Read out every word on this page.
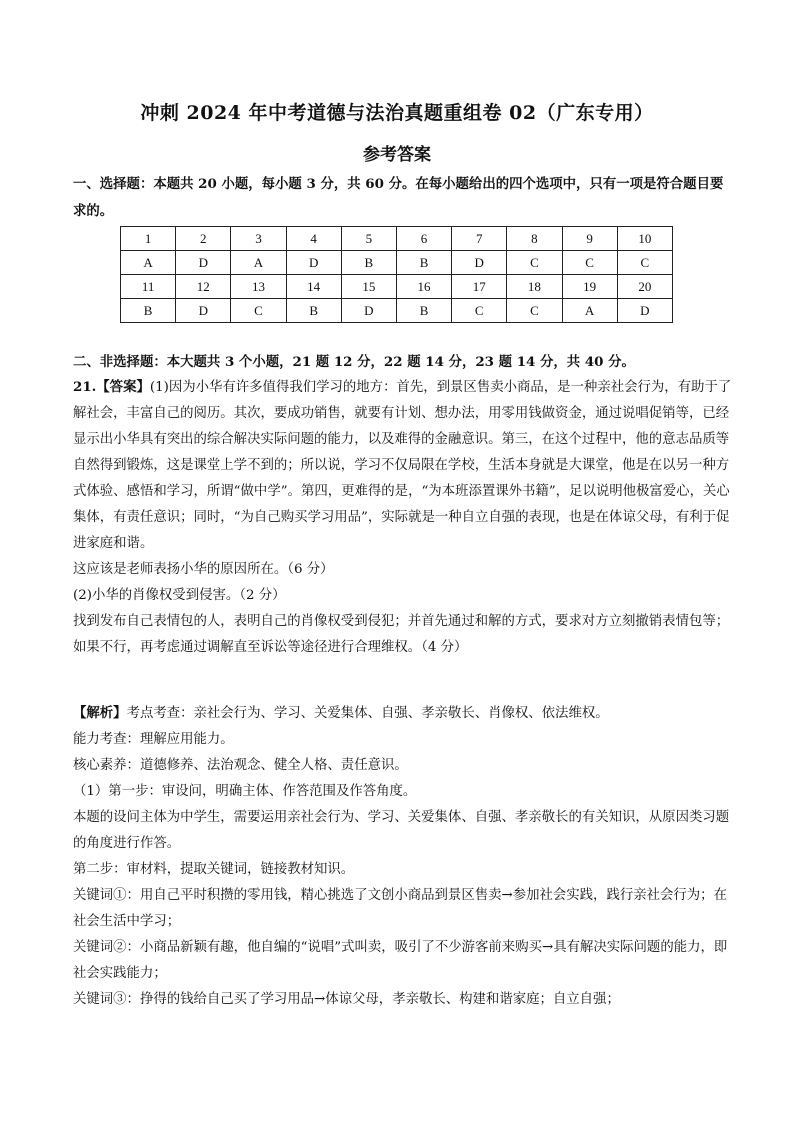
冲刺 2024 年中考道德与法治真题重组卷 02（广东专用）
参考答案
一、选择题：本题共 20 小题，每小题 3 分，共 60 分。在每小题给出的四个选项中，只有一项是符合题目要求的。
1	2	3	4	5	6	7	8	9	10
A	D	A	D	B	B	D	C	C	C
11	12	13	14	15	16	17	18	19	20
B	D	C	B	D	B	C	C	A	D
二、非选择题：本大题共 3 个小题，21 题 12 分，22 题 14 分，23 题 14 分，共 40 分。

21.【答案】(1)因为小华有许多值得我们学习的地方：首先，到景区售卖小商品，是一种亲社会行为，有助于了解社会，丰富自己的阅历。其次，要成功销售，就要有计划、想办法，用零用钱做资金，通过说唱促销等，已经显示出小华具有突出的综合解决实际问题的能力，以及难得的金融意识。第三，在这个过程中，他的意志品质等自然得到锻炼，这是课堂上学不到的；所以说，学习不仅局限在学校，生活本身就是大课堂，他是在以另一种方式体验、感悟和学习，所谓“做中学”。第四，更难得的是，“为本班添置课外书籍”，足以说明他极富爱心，关心集体，有责任意识；同时，“为自己购买学习用品”，实际就是一种自立自强的表现，也是在体谅父母，有利于促进家庭和谐。

这应该是老师表扬小华的原因所在。（6 分）

(2)小华的肖像权受到侵害。（2 分）

找到发布自己表情包的人，表明自己的肖像权受到侵犯；并首先通过和解的方式，要求对方立刻撤销表情包等；如果不行，再考虑通过调解直至诉讼等途径进行合理维权。（4 分）

【解析】考点考查：亲社会行为、学习、关爱集体、自强、孝亲敬长、肖像权、依法维权。

能力考查：理解应用能力。

核心素养：道德修养、法治观念、健全人格、责任意识。

（1）第一步：审设问，明确主体、作答范围及作答角度。

本题的设问主体为中学生，需要运用亲社会行为、学习、关爱集体、自强、孝亲敬长的有关知识，从原因类习题的角度进行作答。

第二步：审材料，提取关键词，链接教材知识。

关键词①：用自己平时积攒的零用钱，精心挑选了文创小商品到景区售卖→参加社会实践，践行亲社会行为；在社会生活中学习；

关键词②：小商品新颖有趣，他自编的“说唱”式叫卖，吸引了不少游客前来购买→具有解决实际问题的能力，即社会实践能力；

关键词③：挣得的钱给自己买了学习用品→体谅父母，孝亲敬长、构建和谐家庭；自立自强；
